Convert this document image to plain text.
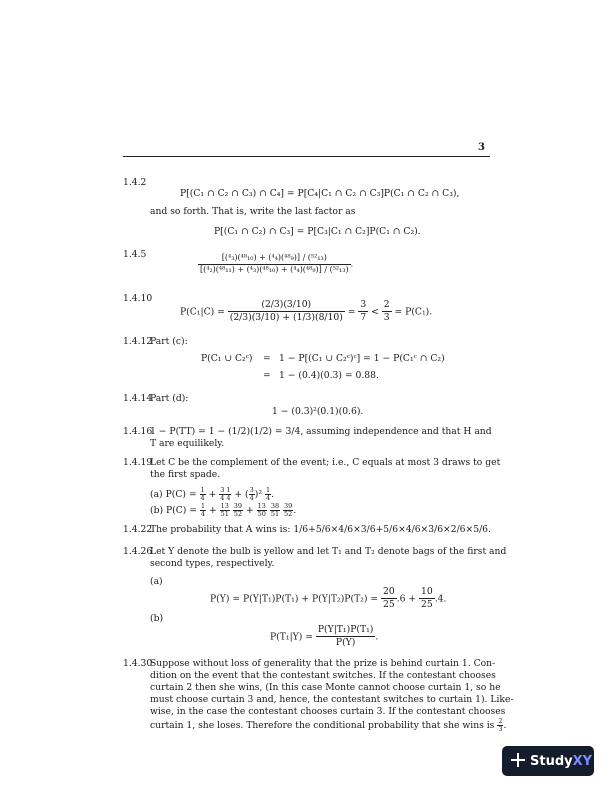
3
1.4.2
P[(C₁ ∩ C₂ ∩ C₃) ∩ C₄] = P[C₄|C₁ ∩ C₂ ∩ C₃]P(C₁ ∩ C₂ ∩ C₃),
and so forth. That is, write the last factor as
P[(C₁ ∩ C₂) ∩ C₃] = P[C₃|C₁ ∩ C₂]P(C₁ ∩ C₂).
1.4.5	$\frac{\text{[(⁴₃)(⁴⁸₁₀) + (⁴₄)(⁴⁸₉)] / (⁵²₁₃)}}{\text{[(⁴₂)(⁴⁸₁₁) + (⁴₃)(⁴⁸₁₀) + (⁴₄)(⁴⁸₉)] / (⁵²₁₃)}}$ .
1.4.10
$P(C_1|C) = \frac{(2/3)(3/10)}{(2/3)(3/10) + (1/3)(8/10)} = \frac{3}{7} < \frac{2}{3} = P(C_1)$.
1.4.12
Part (c):
P(C₁ ∪ C₂ᶜ) = 1 − P[(C₁ ∪ C₂ᶜ)ᶜ] = 1 − P(C₁ᶜ ∩ C₂)
= 1 − (0.4)(0.3) = 0.88.
1.4.14
Part (d):
1 − (0.3)²(0.1)(0.6).
1.4.16
1 − P(TT) = 1 − (1/2)(1/2) = 3/4, assuming independence and that H and
T are equilikely.
1.4.19
Let C be the complement of the event; i.e., C equals at most 3 draws to get
the first spade.
(a) $P(C) = \frac{1}{4} + \frac{3}{4} \frac{1}{4}$ + ( $\frac{3}{4} )^2 \frac{1}{4}$ .
(b) $P(C) = \frac{1}{4} + \frac{13}{51}$
$\frac{39}{52} + \frac{13}{50}$
$\frac{38}{51}$
$\frac{39}{52}$ .
1.4.22
The probability that A wins is: 1/6+5/6×4/6×3/6+5/6×4/6×3/6×2/6×5/6.
1.4.26
Let Y denote the bulb is yellow and let T₁ and T₂ denote bags of the first and
second types, respectively.
(a)
$P(Y) = P(Y|T_1)P(T_1) + P(Y|T_2)P(T_2) = \frac{20}{25} .6 + \frac{10}{25} .4$.
(b)
$P(T_1|Y) = \frac{\text{P(Y|T₁)P(T₁)}}{P(Y)}$ .
1.4.30
Suppose without loss of generality that the prize is behind curtain 1. Con-
dition on the event that the contestant switches. If the contestant chooses
curtain 2 then she wins, (In this case Monte cannot choose curtain 1, so he
must choose curtain 3 and, hence, the contestant switches to curtain 1). Like-
wise, in the case the contestant chooses curtain 3. If the contestant chooses
curtain 1, she loses. Therefore the conditional probability that she wins is $\frac{2}{3}$ .
StudyXY
